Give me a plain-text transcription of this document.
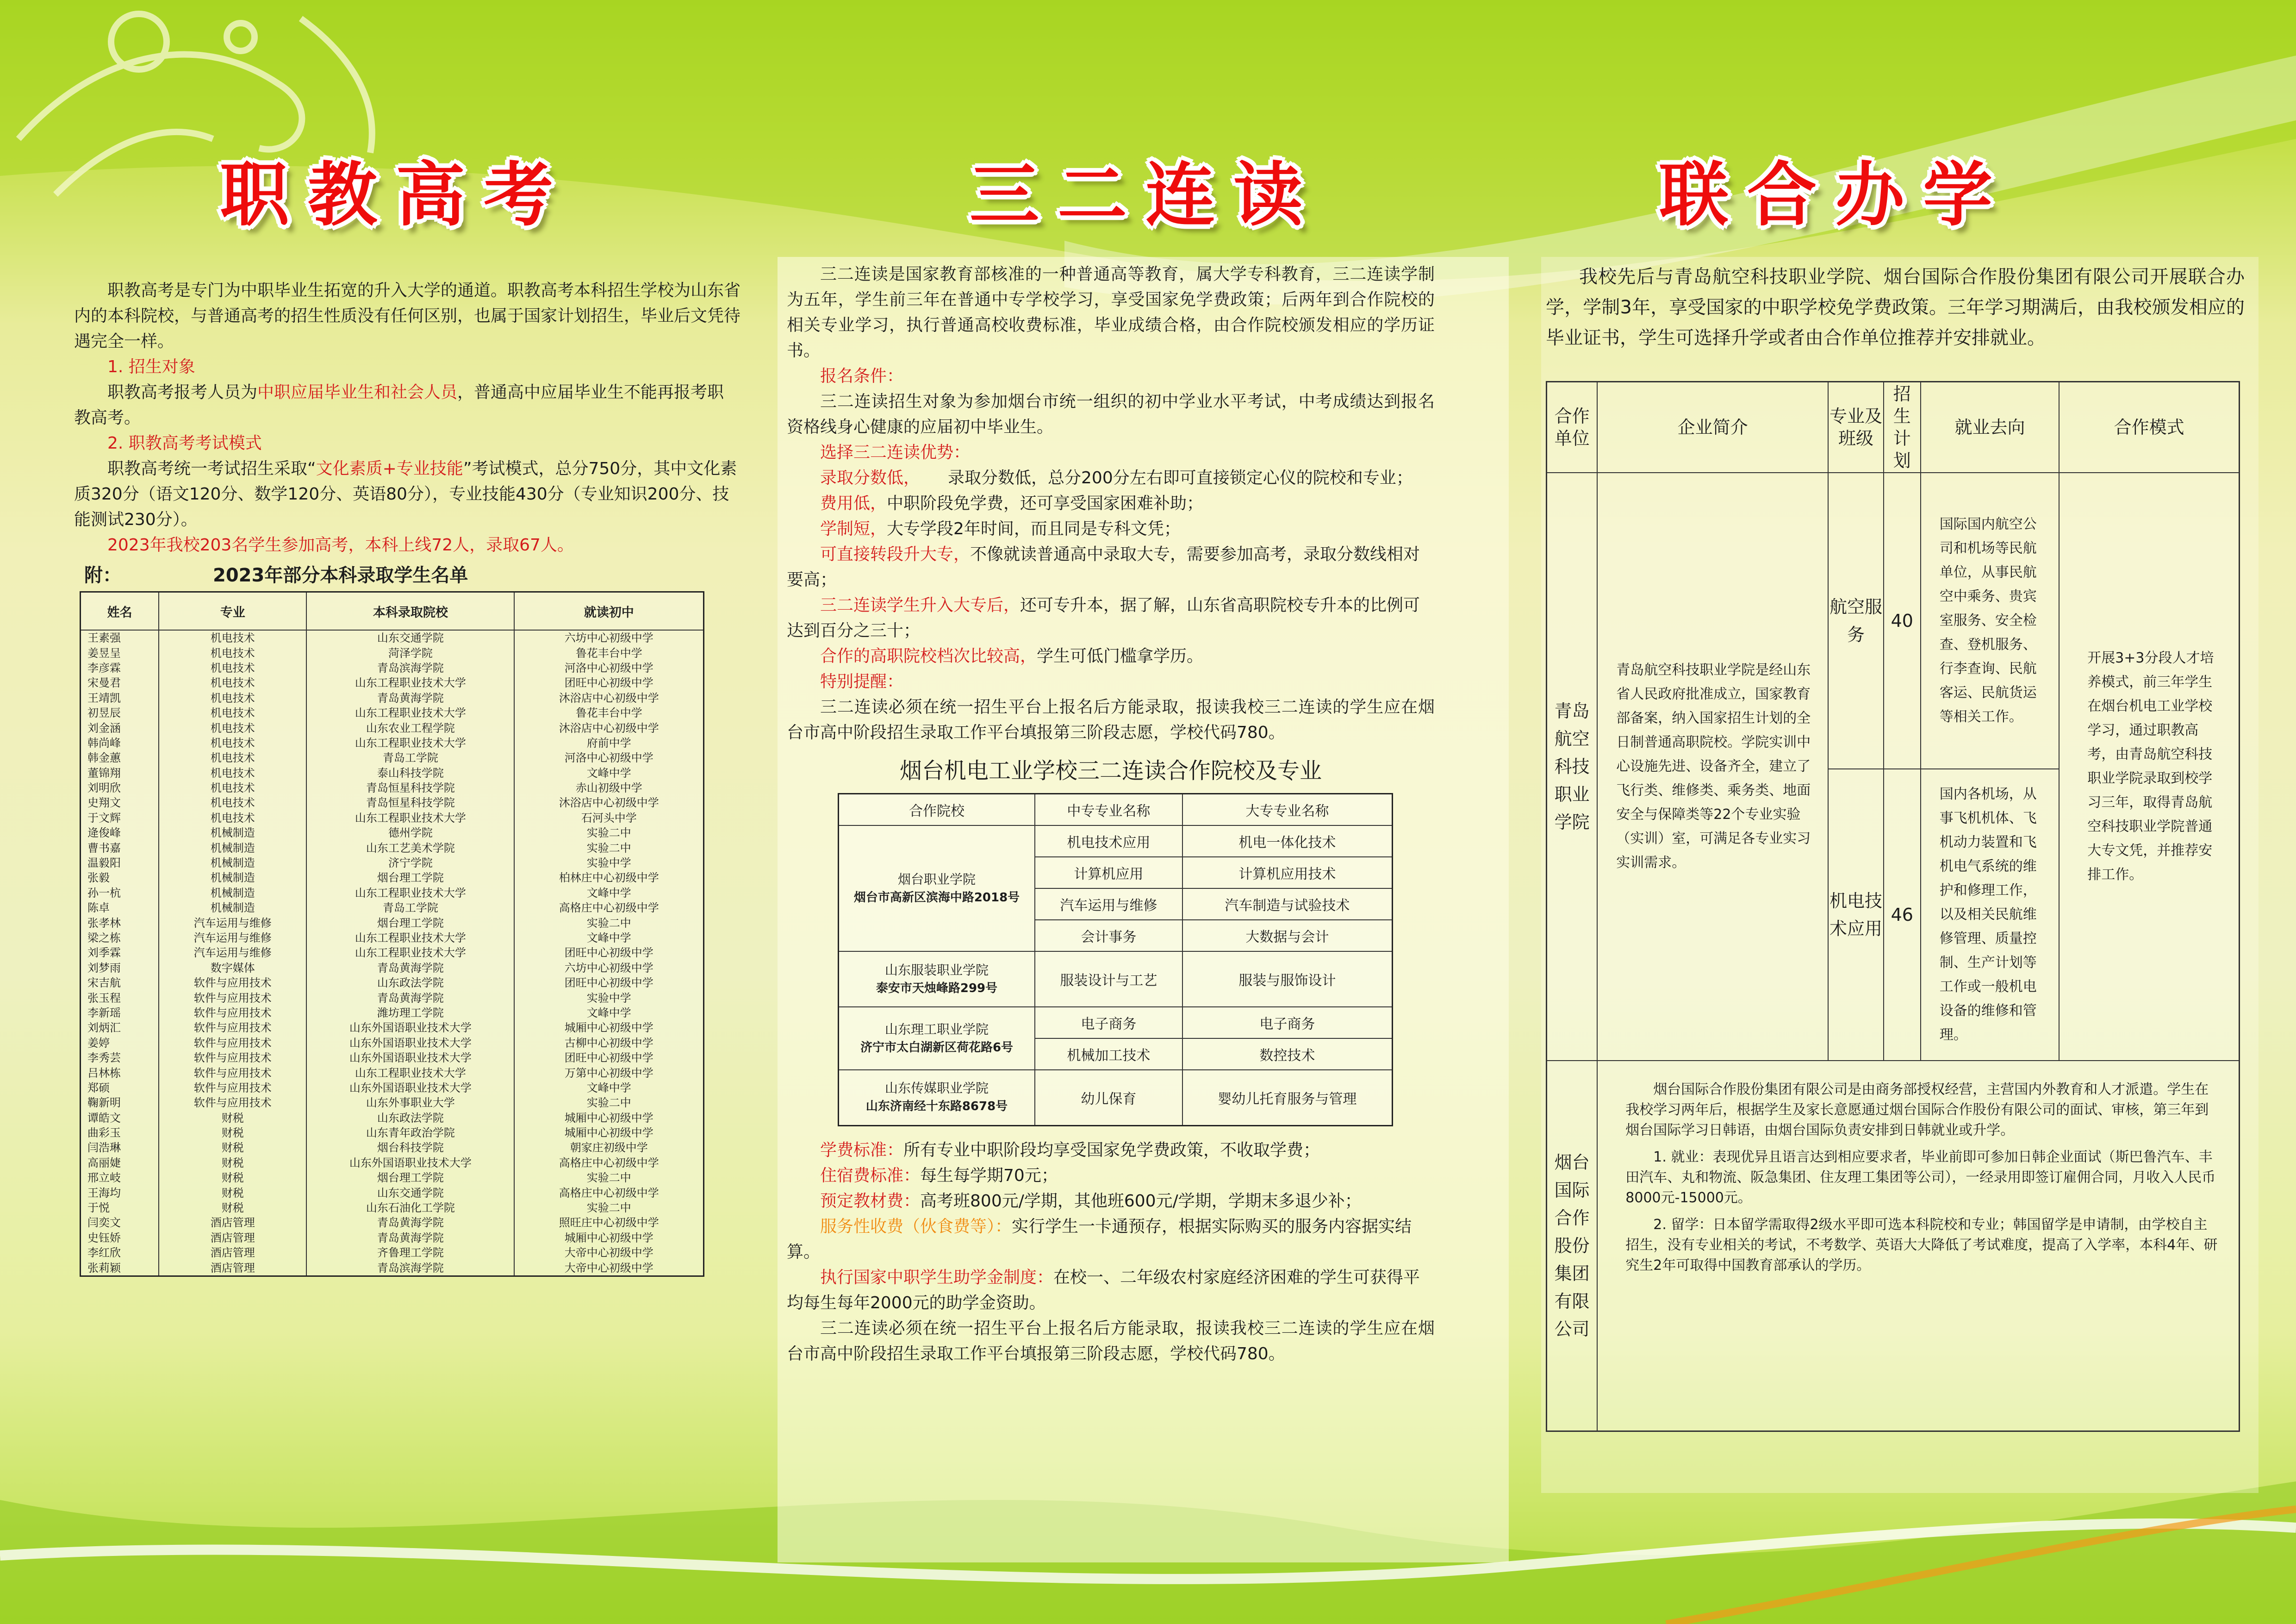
职教高考	三二连读	联合办学

职教高考是专门为中职毕业生拓宽的升入大学的通道。职教高考本科招生学校为山东省内的本科院校，与普通高考的招生性质没有任何区别，也属于国家计划招生，毕业后文凭待遇完全一样。

1. 招生对象

职教高考报考人员为中职应届毕业生和社会人员，普通高中应届毕业生不能再报考职教高考。

2. 职教高考考试模式

职教高考统一考试招生采取“文化素质+专业技能”考试模式，总分750分，其中文化素质320分（语文120分、数学120分、英语80分），专业技能430分（专业知识200分、技能测试230分）。

2023年我校203名学生参加高考，本科上线72人，录取67人。

附：	2023年部分本科录取学生名单
姓名	专业	本科录取院校	就读初中
王素强	机电技术	山东交通学院	六坊中心初级中学
姜昱呈	机电技术	菏泽学院	鲁花丰台中学
李彦霖	机电技术	青岛滨海学院	河洛中心初级中学
宋曼君	机电技术	山东工程职业技术大学	团旺中心初级中学
王靖凯	机电技术	青岛黄海学院	沐浴店中心初级中学
初昱辰	机电技术	山东工程职业技术大学	鲁花丰台中学
刘金涵	机电技术	山东农业工程学院	沐浴店中心初级中学
韩尚峰	机电技术	山东工程职业技术大学	府前中学
韩金蕙	机电技术	青岛工学院	河洛中心初级中学
董锦翔	机电技术	泰山科技学院	文峰中学
刘明欣	机电技术	青岛恒星科技学院	赤山初级中学
史翔文	机电技术	青岛恒星科技学院	沐浴店中心初级中学
于文辉	机电技术	山东工程职业技术大学	石河头中学
逄俊峰	机械制造	德州学院	实验二中
曹书嘉	机械制造	山东工艺美术学院	实验二中
温毅阳	机械制造	济宁学院	实验中学
张毅	机械制造	烟台理工学院	柏林庄中心初级中学
孙一杭	机械制造	山东工程职业技术大学	文峰中学
陈卓	机械制造	青岛工学院	高格庄中心初级中学
张孝林	汽车运用与维修	烟台理工学院	实验二中
梁之栋	汽车运用与维修	山东工程职业技术大学	文峰中学
刘季霖	汽车运用与维修	山东工程职业技术大学	团旺中心初级中学
刘梦雨	数字媒体	青岛黄海学院	六坊中心初级中学
宋吉航	软件与应用技术	山东政法学院	团旺中心初级中学
张玉程	软件与应用技术	青岛黄海学院	实验中学
李新瑶	软件与应用技术	潍坊理工学院	文峰中学
刘炳汇	软件与应用技术	山东外国语职业技术大学	城厢中心初级中学
姜婷	软件与应用技术	山东外国语职业技术大学	古柳中心初级中学
李秀芸	软件与应用技术	山东外国语职业技术大学	团旺中心初级中学
吕林栋	软件与应用技术	山东工程职业技术大学	万第中心初级中学
郑硕	软件与应用技术	山东外国语职业技术大学	文峰中学
鞠新明	软件与应用技术	山东外事职业大学	实验二中
谭皓文	财税	山东政法学院	城厢中心初级中学
曲彩玉	财税	山东青年政治学院	城厢中心初级中学
闫浩琳	财税	烟台科技学院	朝家庄初级中学
高丽婕	财税	山东外国语职业技术大学	高格庄中心初级中学
邢立岐	财税	烟台理工学院	实验二中
王海均	财税	山东交通学院	高格庄中心初级中学
于悦	财税	山东石油化工学院	实验二中
闫奕文	酒店管理	青岛黄海学院	照旺庄中心初级中学
史钰娇	酒店管理	青岛黄海学院	城厢中心初级中学
李红欣	酒店管理	齐鲁理工学院	大帝中心初级中学
张莉颖	酒店管理	青岛滨海学院	大帝中心初级中学

三二连读是国家教育部核准的一种普通高等教育，属大学专科教育，三二连读学制为五年，学生前三年在普通中专学校学习，享受国家免学费政策；后两年到合作院校的相关专业学习，执行普通高校收费标准，毕业成绩合格，由合作院校颁发相应的学历证书。

报名条件：

三二连读招生对象为参加烟台市统一组织的初中学业水平考试，中考成绩达到报名资格线身心健康的应届初中毕业生。

选择三二连读优势：

录取分数低， 录取分数低，总分200分左右即可直接锁定心仪的院校和专业；

费用低，中职阶段免学费，还可享受国家困难补助；

学制短，大专学段2年时间，而且同是专科文凭；

可直接转段升大专，不像就读普通高中录取大专，需要参加高考，录取分数线相对要高；

三二连读学生升入大专后，还可专升本，据了解，山东省高职院校专升本的比例可达到百分之三十；

合作的高职院校档次比较高，学生可低门槛拿学历。

特别提醒：

三二连读必须在统一招生平台上报名后方能录取，报读我校三二连读的学生应在烟台市高中阶段招生录取工作平台填报第三阶段志愿，学校代码780。

烟台机电工业学校三二连读合作院校及专业
合作院校	中专专业名称	大专专业名称

烟台职业学院
烟台市高新区滨海中路2018号	机电技术应用	机电一体化技术
	计算机应用	计算机应用技术
	汽车运用与维修	汽车制造与试验技术
	会计事务	大数据与会计

山东服装职业学院
泰安市天烛峰路299号	服装设计与工艺	服装与服饰设计

山东理工职业学院
济宁市太白湖新区荷花路6号	电子商务	电子商务
	机械加工技术	数控技术

山东传媒职业学院
山东济南经十东路8678号	幼儿保育	婴幼儿托育服务与管理

学费标准：所有专业中职阶段均享受国家免学费政策，不收取学费；

住宿费标准：每生每学期70元；

预定教材费：高考班800元/学期，其他班600元/学期，学期末多退少补；

服务性收费（伙食费等）：实行学生一卡通预存，根据实际购买的服务内容据实结算。

执行国家中职学生助学金制度：在校一、二年级农村家庭经济困难的学生可获得平均每生每年2000元的助学金资助。

三二连读必须在统一招生平台上报名后方能录取，报读我校三二连读的学生应在烟台市高中阶段招生录取工作平台填报第三阶段志愿，学校代码780。

我校先后与青岛航空科技职业学院、烟台国际合作股份集团有限公司开展联合办学，学制3年，享受国家的中职学校免学费政策。三年学习期满后，由我校颁发相应的毕业证书，学生可选择升学或者由合作单位推荐并安排就业。

合作单位	企业简介	专业及班级	招生计划	就业去向	合作模式
青岛航空科技职业学院	青岛航空科技职业学院是经山东省人民政府批准成立，国家教育部备案，纳入国家招生计划的全日制普通高职院校。学院实训中心设施先进、设备齐全，建立了飞行类、维修类、乘务类、地面安全与保障类等22个专业实验（实训）室，可满足各专业实习实训需求。	航空服务	40	国际国内航空公司和机场等民航单位，从事民航空中乘务、贵宾室服务、安全检查、登机服务、行李查询、民航客运、民航货运等相关工作。	开展3+3分段人才培养模式，前三年学生在烟台机电工业学校学习，通过职教高考，由青岛航空科技职业学院录取到校学习三年，取得青岛航空科技职业学院普通大专文凭，并推荐安排工作。
		机电技术应用	46	国内各机场，从事飞机机体、飞机动力装置和飞机电气系统的维护和修理工作，以及相关民航维修管理、质量控制、生产计划等工作或一般机电设备的维修和管理。	
烟台国际合作股份集团有限公司	烟台国际合作股份集团有限公司是由商务部授权经营，主营国内外教育和人才派遣。学生在我校学习两年后，根据学生及家长意愿通过烟台国际合作股份有限公司的面试、审核，第三年到烟台国际学习日韩语，由烟台国际负责安排到日韩就业或升学。

1. 就业：表现优异且语言达到相应要求者，毕业前即可参加日韩企业面试（斯巴鲁汽车、丰田汽车、丸和物流、阪急集团、住友理工集团等公司），一经录用即签订雇佣合同，月收入人民币8000元-15000元。

2. 留学：日本留学需取得2级水平即可选本科院校和专业；韩国留学是申请制，由学校自主招生，没有专业相关的考试，不考数学、英语大大降低了考试难度，提高了入学率，本科4年、研究生2年可取得中国教育部承认的学历。				
